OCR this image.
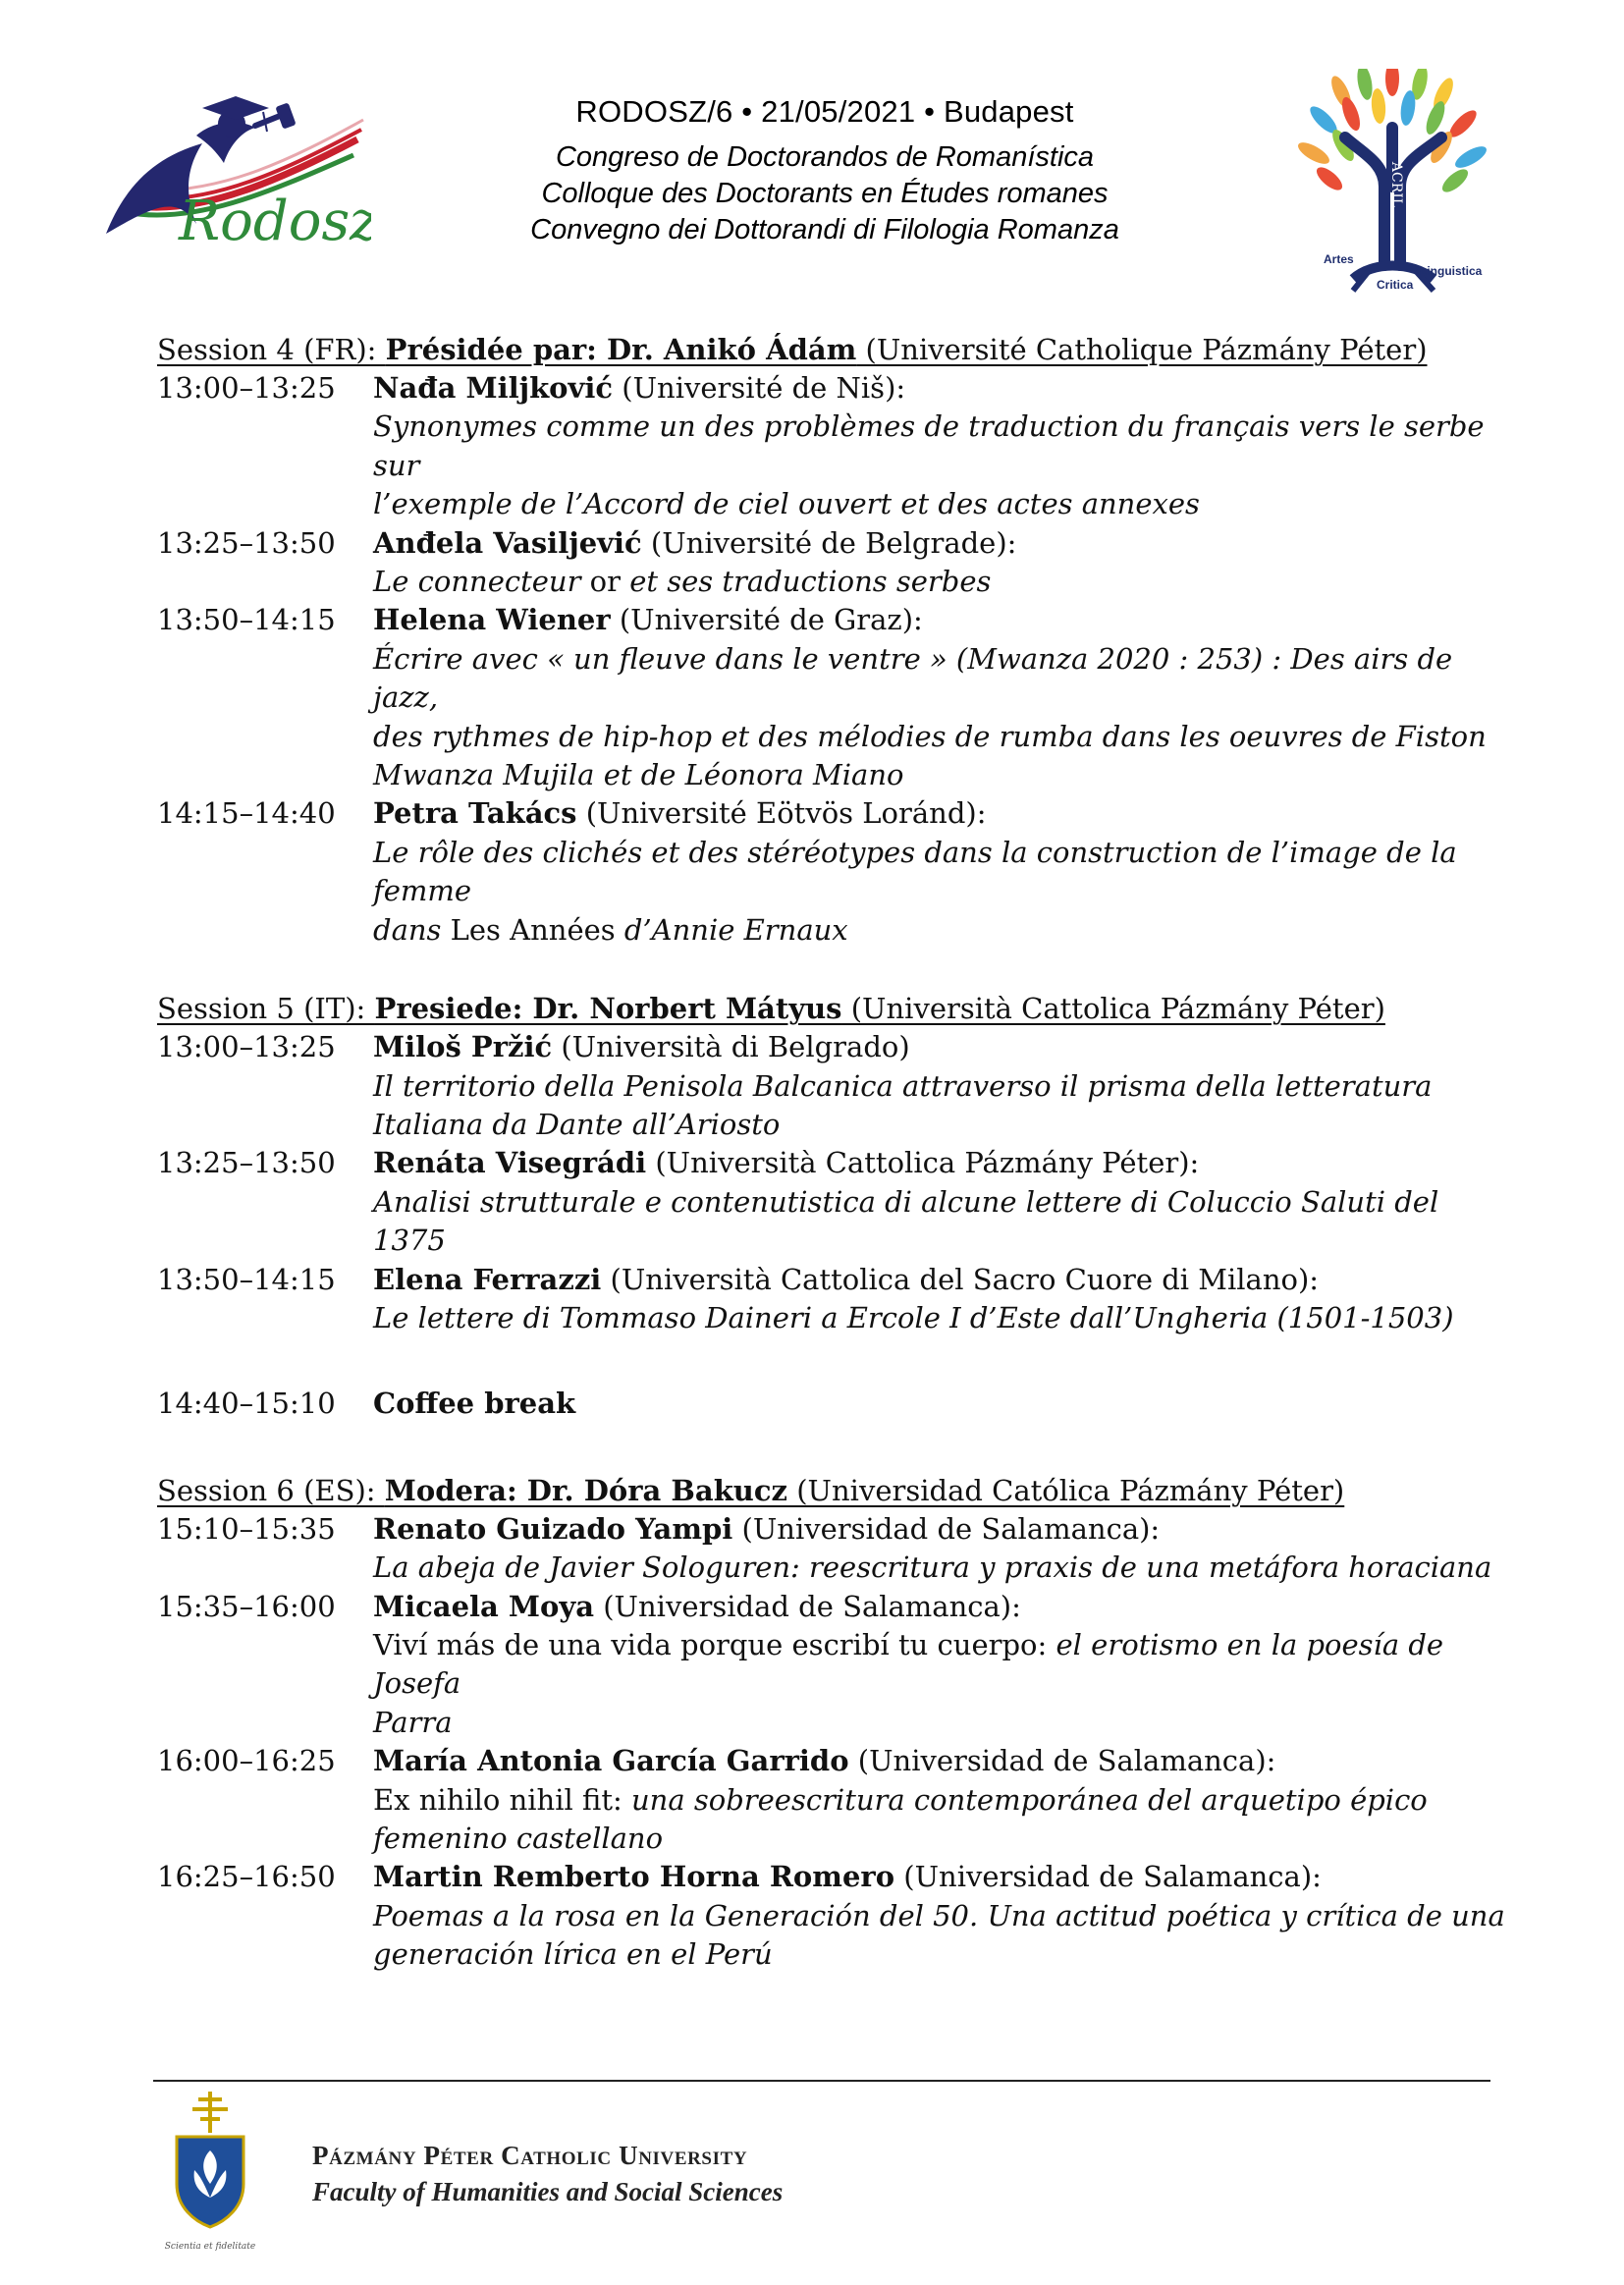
Rodosz
RODOSZ/6 • 21/05/2021 • Budapest
Congreso de Doctorandos de Romanística
Colloque des Doctorants en Études romanes
Convegno dei Dottorandi di Filologia Romanza
ACRIL
Artes
Critica
Linguistica
Session 4 (FR): Présidée par: Dr. Anikó Ádám (Université Catholique Pázmány Péter)
13:00–13:25	Nađa Miljković (Université de Niš):
Synonymes comme un des problèmes de traduction du français vers le serbe sur
l’exemple de l’Accord de ciel ouvert et des actes annexes
13:25–13:50	Anđela Vasiljević (Université de Belgrade):
Le connecteur or et ses traductions serbes
13:50–14:15	Helena Wiener (Université de Graz):
Écrire avec « un fleuve dans le ventre » (Mwanza 2020 : 253) : Des airs de jazz,
des rythmes de hip-hop et des mélodies de rumba dans les oeuvres de Fiston
Mwanza Mujila et de Léonora Miano
14:15–14:40	Petra Takács (Université Eötvös Loránd):
Le rôle des clichés et des stéréotypes dans la construction de l’image de la femme
dans Les Années d’Annie Ernaux
Session 5 (IT): Presiede: Dr. Norbert Mátyus (Università Cattolica Pázmány Péter)
13:00–13:25	Miloš Pržić (Università di Belgrado)
Il territorio della Penisola Balcanica attraverso il prisma della letteratura
Italiana da Dante all’Ariosto
13:25–13:50	Renáta Visegrádi (Università Cattolica Pázmány Péter):
Analisi strutturale e contenutistica di alcune lettere di Coluccio Saluti del 1375
13:50–14:15	Elena Ferrazzi (Università Cattolica del Sacro Cuore di Milano):
Le lettere di Tommaso Daineri a Ercole I d’Este dall’Ungheria (1501-1503)
14:40–15:10	Coffee break
Session 6 (ES): Modera: Dr. Dóra Bakucz (Universidad Católica Pázmány Péter)
15:10–15:35	Renato Guizado Yampi (Universidad de Salamanca):
La abeja de Javier Sologuren: reescritura y praxis de una metáfora horaciana
15:35–16:00	Micaela Moya (Universidad de Salamanca):
Viví más de una vida porque escribí tu cuerpo: el erotismo en la poesía de Josefa
Parra
16:00–16:25	María Antonia García Garrido (Universidad de Salamanca):
Ex nihilo nihil fit: una sobreescritura contemporánea del arquetipo épico
femenino castellano
16:25–16:50	Martin Remberto Horna Romero (Universidad de Salamanca):
Poemas a la rosa en la Generación del 50. Una actitud poética y crítica de una
generación lírica en el Perú
Scientia et fidelitate
Pázmány Péter Catholic University
Faculty of Humanities and Social Sciences
